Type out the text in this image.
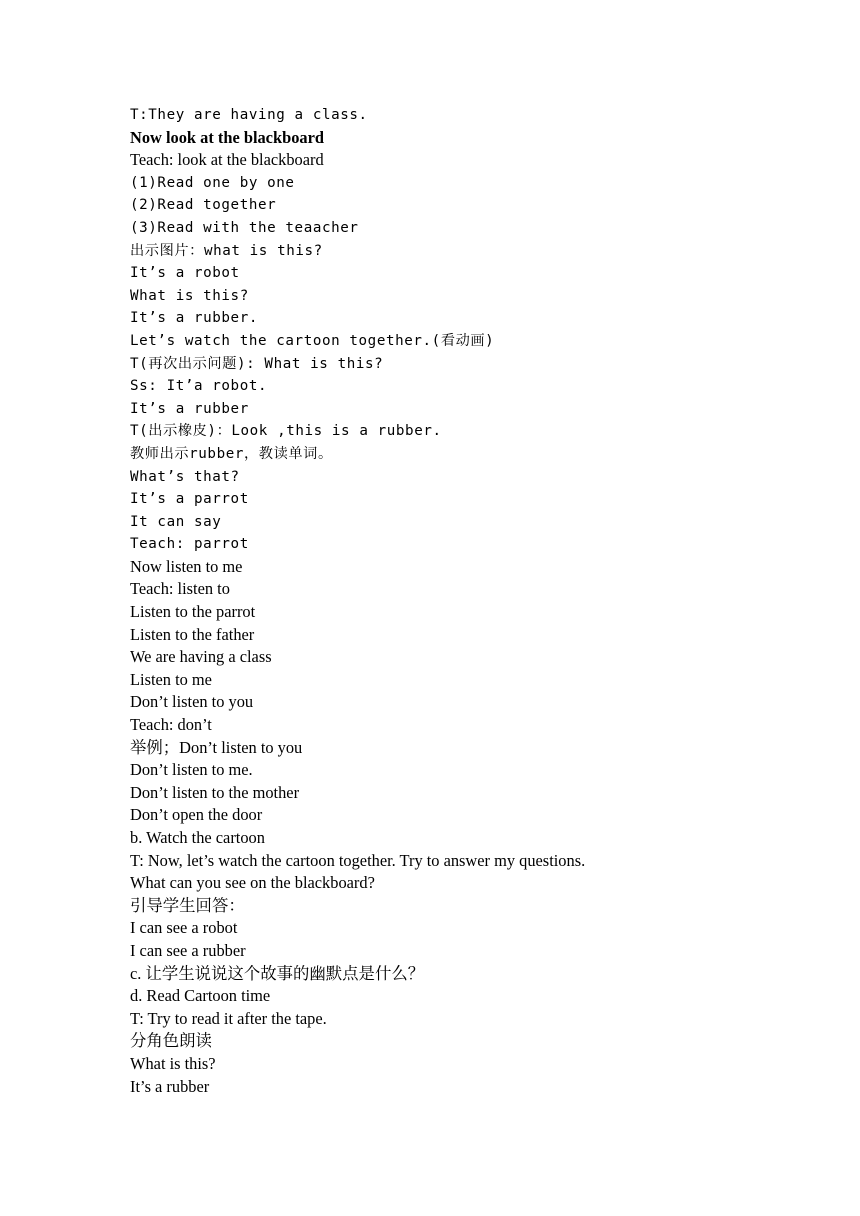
T:They are having a class.
Now look at the blackboard
Teach: look at the blackboard
(1)Read one by one
(2)Read together
(3)Read with the teaacher
出示图片：what is this?
It’s a robot
What is this?
It’s a rubber.
Let’s watch the cartoon together.(看动画)
T(再次出示问题): What is this?
Ss: It’a robot.
It’s a rubber
T(出示橡皮)：Look ,this is a rubber.
教师出示rubber，教读单词。
What’s that?
It’s a parrot
It can say
Teach: parrot
Now listen to me
Teach: listen to
Listen to the parrot
Listen to the father
We are having a class
Listen to me
Don’t listen to you
Teach: don’t
举例；Don’t listen to you
Don’t listen to me.
Don’t listen to the mother
Don’t open the door
b. Watch the cartoon
T: Now, let’s watch the cartoon together. Try to answer my questions.
What can you see on the blackboard?
引导学生回答：
I can see a robot
I can see a rubber
c. 让学生说说这个故事的幽默点是什么？
d. Read Cartoon time
T: Try to read it after the tape.
分角色朗读
What is this?
It’s a rubber
